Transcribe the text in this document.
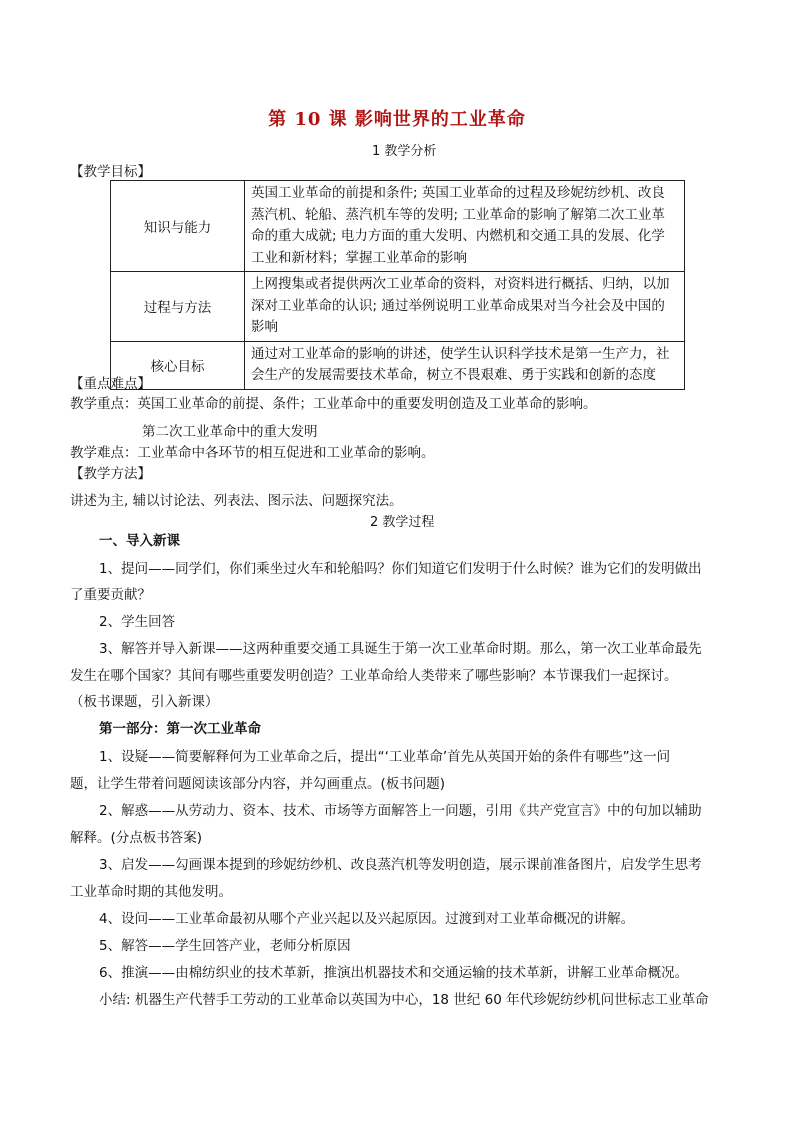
第 10 课 影响世界的工业革命
1 教学分析
【教学目标】
知识与能力	英国工业革命的前提和条件; 英国工业革命的过程及珍妮纺纱机、改良
蒸汽机、轮船、蒸汽机车等的发明; 工业革命的影响了解第二次工业革
命的重大成就; 电力方面的重大发明、内燃机和交通工具的发展、化学
工业和新材料；掌握工业革命的影响

过程与方法	上网搜集或者提供两次工业革命的资料，对资料进行概括、归纳，以加
深对工业革命的认识; 通过举例说明工业革命成果对当今社会及中国的
影响

核心目标	通过对工业革命的影响的讲述，使学生认识科学技术是第一生产力，社
会生产的发展需要技术革命，树立不畏艰难、勇于实践和创新的态度
【重点难点】
教学重点：英国工业革命的前提、条件；工业革命中的重要发明创造及工业革命的影响。
第二次工业革命中的重大发明
教学难点：工业革命中各环节的相互促进和工业革命的影响。
【教学方法】
讲述为主, 辅以讨论法、列表法、图示法、问题探究法。
2 教学过程
一、导入新课
1、提问——同学们，你们乘坐过火车和轮船吗？你们知道它们发明于什么时候？谁为它们的发明做出
了重要贡献？
2、学生回答
3、解答并导入新课——这两种重要交通工具诞生于第一次工业革命时期。那么，第一次工业革命最先
发生在哪个国家？其间有哪些重要发明创造？工业革命给人类带来了哪些影响？本节课我们一起探讨。
（板书课题，引入新课）
第一部分：第一次工业革命
1、设疑——简要解释何为工业革命之后，提出“‘工业革命’首先从英国开始的条件有哪些”这一问
题，让学生带着问题阅读该部分内容，并勾画重点。(板书问题)
2、解惑——从劳动力、资本、技术、市场等方面解答上一问题，引用《共产党宣言》中的句加以辅助
解释。(分点板书答案)
3、启发——勾画课本提到的珍妮纺纱机、改良蒸汽机等发明创造，展示课前准备图片，启发学生思考
工业革命时期的其他发明。
4、设问——工业革命最初从哪个产业兴起以及兴起原因。过渡到对工业革命概况的讲解。
5、解答——学生回答产业，老师分析原因
6、推演——由棉纺织业的技术革新，推演出机器技术和交通运输的技术革新，讲解工业革命概况。
小结: 机器生产代替手工劳动的工业革命以英国为中心，18 世纪 60 年代珍妮纺纱机问世标志工业革命
